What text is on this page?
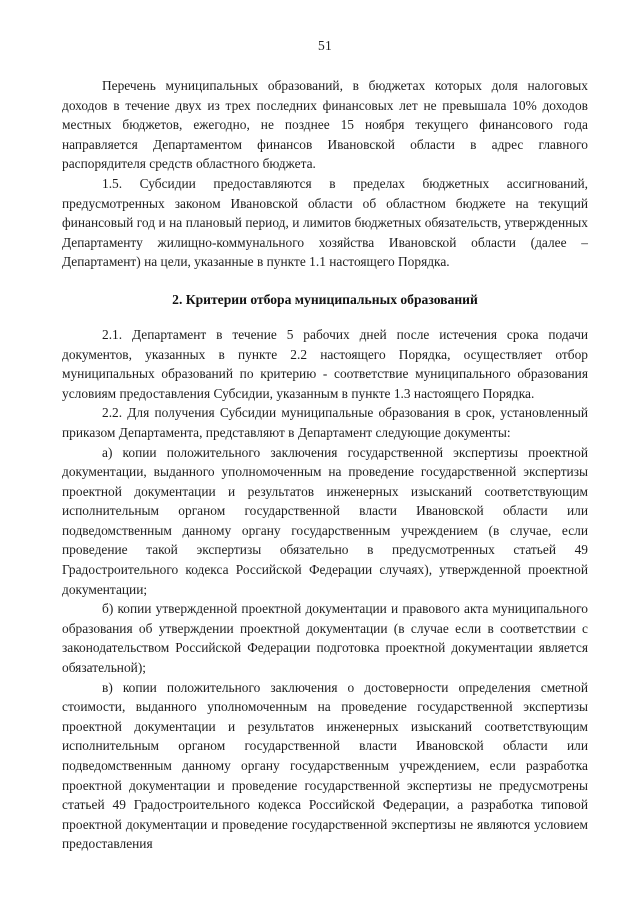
51

Перечень муниципальных образований, в бюджетах которых доля налоговых доходов в течение двух из трех последних финансовых лет не превышала 10% доходов местных бюджетов, ежегодно, не позднее 15 ноября текущего финансового года направляется Департаментом финансов Ивановской области в адрес главного распорядителя средств областного бюджета.

1.5. Субсидии предоставляются в пределах бюджетных ассигнований, предусмотренных законом Ивановской области об областном бюджете на текущий финансовый год и на плановый период, и лимитов бюджетных обязательств, утвержденных Департаменту жилищно-коммунального хозяйства Ивановской области (далее – Департамент) на цели, указанные в пункте 1.1 настоящего Порядка.

2. Критерии отбора муниципальных образований

2.1. Департамент в течение 5 рабочих дней после истечения срока подачи документов, указанных в пункте 2.2 настоящего Порядка, осуществляет отбор муниципальных образований по критерию - соответствие муниципального образования условиям предоставления Субсидии, указанным в пункте 1.3 настоящего Порядка.

2.2. Для получения Субсидии муниципальные образования в срок, установленный приказом Департамента, представляют в Департамент следующие документы:

а) копии положительного заключения государственной экспертизы проектной документации, выданного уполномоченным на проведение государственной экспертизы проектной документации и результатов инженерных изысканий соответствующим исполнительным органом государственной власти Ивановской области или подведомственным данному органу государственным учреждением (в случае, если проведение такой экспертизы обязательно в предусмотренных статьей 49 Градостроительного кодекса Российской Федерации случаях), утвержденной проектной документации;

б) копии утвержденной проектной документации и правового акта муниципального образования об утверждении проектной документации (в случае если в соответствии с законодательством Российской Федерации подготовка проектной документации является обязательной);

в) копии положительного заключения о достоверности определения сметной стоимости, выданного уполномоченным на проведение государственной экспертизы проектной документации и результатов инженерных изысканий соответствующим исполнительным органом государственной власти Ивановской области или подведомственным данному органу государственным учреждением, если разработка проектной документации и проведение государственной экспертизы не предусмотрены статьей 49 Градостроительного кодекса Российской Федерации, а разработка типовой проектной документации и проведение государственной экспертизы не являются условием предоставления
